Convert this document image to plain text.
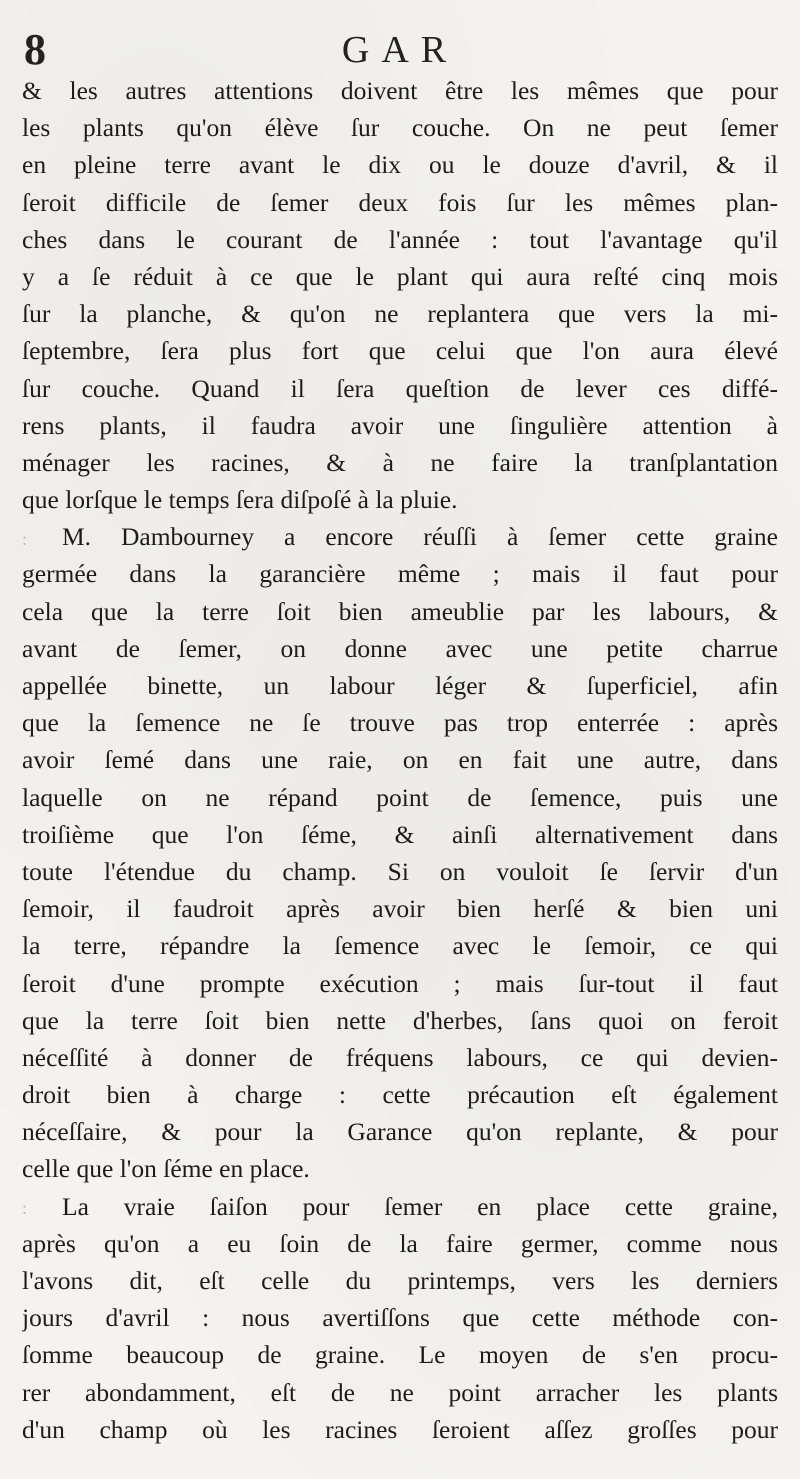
8	GAR
& les autres attentions doivent être les mêmes que pour
les plants qu'on élève ſur couche. On ne peut ſemer
en pleine terre avant le dix ou le douze d'avril, & il
ſeroit difficile de ſemer deux fois ſur les mêmes plan-
ches dans le courant de l'année : tout l'avantage qu'il
y a ſe réduit à ce que le plant qui aura reſté cinq mois
ſur la planche, & qu'on ne replantera que vers la mi-
ſeptembre, ſera plus fort que celui que l'on aura élevé
ſur couche. Quand il ſera queſtion de lever ces diffé-
rens plants, il faudra avoir une ſingulière attention à
ménager les racines, & à ne faire la tranſplantation
que lorſque le temps ſera diſpoſé à la pluie.
: M. Dambourney a encore réuſſi à ſemer cette graine
germée dans la garancière même ; mais il faut pour
cela que la terre ſoit bien ameublie par les labours, &
avant de ſemer, on donne avec une petite charrue
appellée binette, un labour léger & ſuperficiel, afin
que la ſemence ne ſe trouve pas trop enterrée : après
avoir ſemé dans une raie, on en fait une autre, dans
laquelle on ne répand point de ſemence, puis une
troiſième que l'on ſéme, & ainſi alternativement dans
toute l'étendue du champ. Si on vouloit ſe ſervir d'un
ſemoir, il faudroit après avoir bien herſé & bien uni
la terre, répandre la ſemence avec le ſemoir, ce qui
ſeroit d'une prompte exécution ; mais ſur-tout il faut
que la terre ſoit bien nette d'herbes, ſans quoi on feroit
néceſſité à donner de fréquens labours, ce qui devien-
droit bien à charge : cette précaution eſt également
néceſſaire, & pour la Garance qu'on replante, & pour
celle que l'on ſéme en place.
: La vraie ſaiſon pour ſemer en place cette graine,
après qu'on a eu ſoin de la faire germer, comme nous
l'avons dit, eſt celle du printemps, vers les derniers
jours d'avril : nous avertiſſons que cette méthode con-
ſomme beaucoup de graine. Le moyen de s'en procu-
rer abondamment, eſt de ne point arracher les plants
d'un champ où les racines ſeroient aſſez groſſes pour
